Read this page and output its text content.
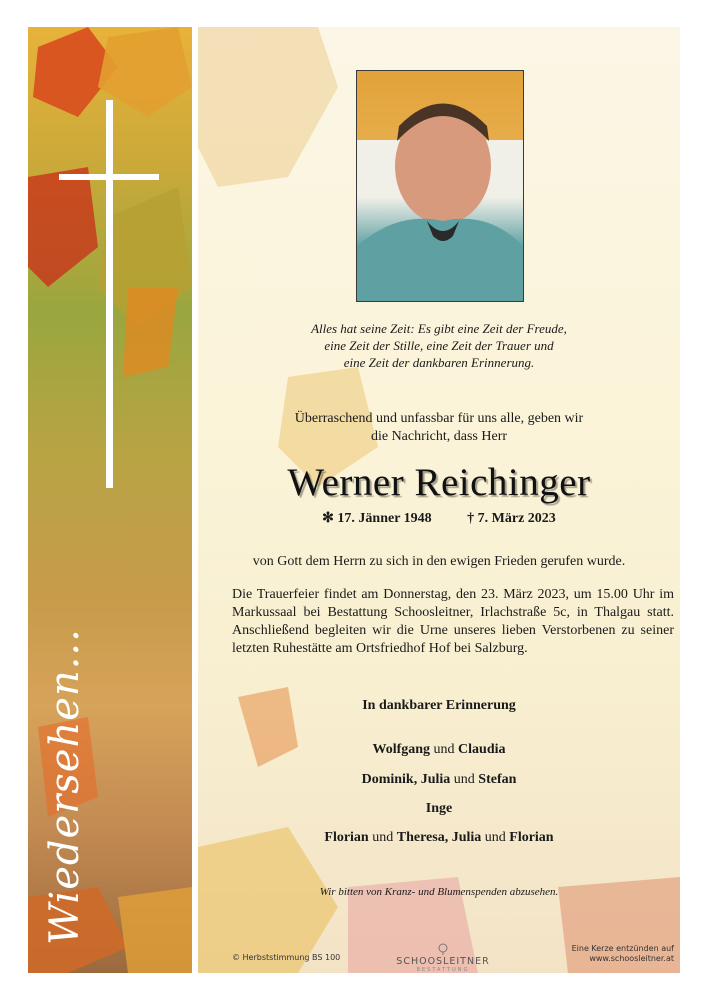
Wiedersehen...
Alles hat seine Zeit: Es gibt eine Zeit der Freude,
eine Zeit der Stille, eine Zeit der Trauer und
eine Zeit der dankbaren Erinnerung.
Überraschend und unfassbar für uns alle, geben wir
die Nachricht, dass Herr
Werner Reichinger
✻ 17. Jänner 1948	† 7. März 2023
von Gott dem Herrn zu sich in den ewigen Frieden gerufen wurde.
Die Trauerfeier findet am Donnerstag, den 23. März 2023, um 15.00 Uhr im Markussaal bei Bestattung Schoosleitner, Irlachstraße 5c, in Thalgau statt. Anschließend begleiten wir die Urne unseres lieben Verstorbenen zu seiner letzten Ruhestätte am Ortsfriedhof Hof bei Salzburg.
In dankbarer Erinnerung
Wolfgang und Claudia
Dominik, Julia und Stefan
Inge
Florian und Theresa, Julia und Florian
Wir bitten von Kranz- und Blumenspenden abzusehen.
© Herbststimmung BS 100	SCHOOSLEITNER
BESTATTUNG
Eine Kerze entzünden auf
www.schoosleitner.at
